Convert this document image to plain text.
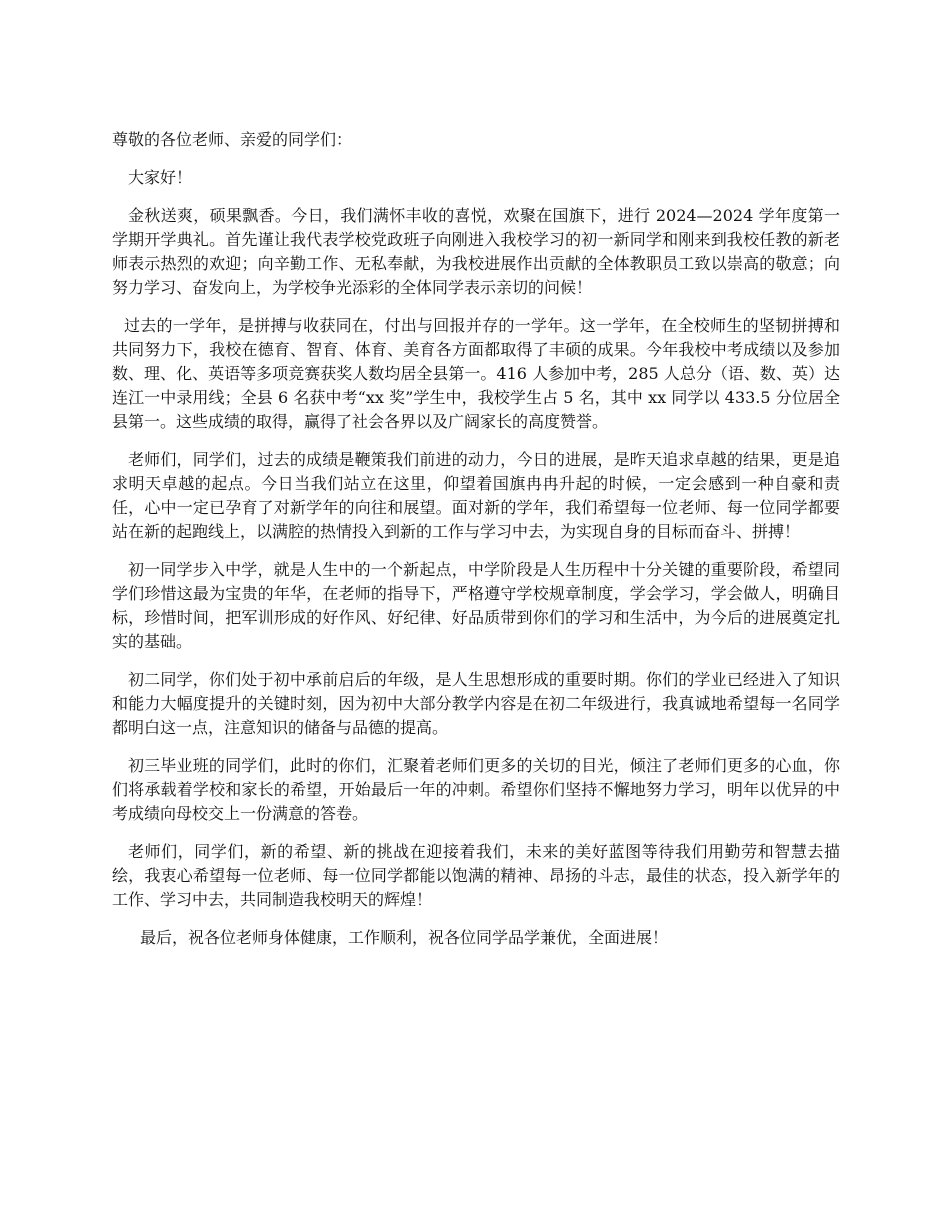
尊敬的各位老师、亲爱的同学们：

大家好！

金秋送爽，硕果飘香。今日，我们满怀丰收的喜悦，欢聚在国旗下，进行 2024—2024 学年度第一学期开学典礼。首先谨让我代表学校党政班子向刚进入我校学习的初一新同学和刚来到我校任教的新老师表示热烈的欢迎；向辛勤工作、无私奉献，为我校进展作出贡献的全体教职员工致以崇高的敬意；向努力学习、奋发向上，为学校争光添彩的全体同学表示亲切的问候！

过去的一学年，是拼搏与收获同在，付出与回报并存的一学年。这一学年，在全校师生的坚韧拼搏和共同努力下，我校在德育、智育、体育、美育各方面都取得了丰硕的成果。今年我校中考成绩以及参加数、理、化、英语等多项竞赛获奖人数均居全县第一。416 人参加中考，285 人总分（语、数、英）达连江一中录用线；全县 6 名获中考“xx 奖”学生中，我校学生占 5 名，其中 xx 同学以 433.5 分位居全县第一。这些成绩的取得，赢得了社会各界以及广阔家长的高度赞誉。

老师们，同学们，过去的成绩是鞭策我们前进的动力，今日的进展，是昨天追求卓越的结果，更是追求明天卓越的起点。今日当我们站立在这里，仰望着国旗冉冉升起的时候，一定会感到一种自豪和责任，心中一定已孕育了对新学年的向往和展望。面对新的学年，我们希望每一位老师、每一位同学都要站在新的起跑线上，以满腔的热情投入到新的工作与学习中去，为实现自身的目标而奋斗、拼搏！

初一同学步入中学，就是人生中的一个新起点，中学阶段是人生历程中十分关键的重要阶段，希望同学们珍惜这最为宝贵的年华，在老师的指导下，严格遵守学校规章制度，学会学习，学会做人，明确目标，珍惜时间，把军训形成的好作风、好纪律、好品质带到你们的学习和生活中，为今后的进展奠定扎实的基础。

初二同学，你们处于初中承前启后的年级，是人生思想形成的重要时期。你们的学业已经进入了知识和能力大幅度提升的关键时刻，因为初中大部分教学内容是在初二年级进行，我真诚地希望每一名同学都明白这一点，注意知识的储备与品德的提高。

初三毕业班的同学们，此时的你们，汇聚着老师们更多的关切的目光，倾注了老师们更多的心血，你们将承载着学校和家长的希望，开始最后一年的冲刺。希望你们坚持不懈地努力学习，明年以优异的中考成绩向母校交上一份满意的答卷。

老师们，同学们，新的希望、新的挑战在迎接着我们，未来的美好蓝图等待我们用勤劳和智慧去描绘，我衷心希望每一位老师、每一位同学都能以饱满的精神、昂扬的斗志，最佳的状态，投入新学年的工作、学习中去，共同制造我校明天的辉煌！

最后，祝各位老师身体健康，工作顺利，祝各位同学品学兼优，全面进展！
